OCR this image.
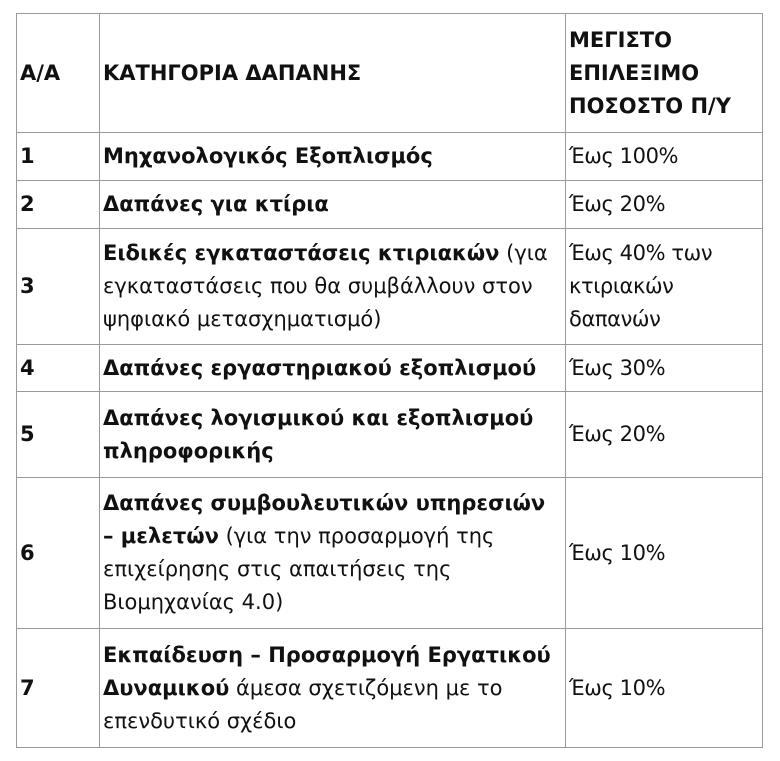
Α/Α	ΚΑΤΗΓΟΡΙΑ ΔΑΠΑΝΗΣ	ΜΕΓΙΣΤΟ ΕΠΙΛΕΞΙΜΟ ΠΟΣΟΣΤΟ Π/Υ
1	Μηχανολογικός Εξοπλισμός	Έως 100%
2	Δαπάνες για κτίρια	Έως 20%
3	Ειδικές εγκαταστάσεις κτιριακών (για εγκαταστάσεις που θα συμβάλλουν στον ψηφιακό μετασχηματισμό)	Έως 40% των κτιριακών δαπανών
4	Δαπάνες εργαστηριακού εξοπλισμού	Έως 30%
5	Δαπάνες λογισμικού και εξοπλισμού πληροφορικής	Έως 20%
6	Δαπάνες συμβουλευτικών υπηρεσιών – μελετών (για την προσαρμογή της επιχείρησης στις απαιτήσεις της Βιομηχανίας 4.0)	Έως 10%
7	Εκπαίδευση – Προσαρμογή Εργατικού Δυναμικού άμεσα σχετιζόμενη με το επενδυτικό σχέδιο	Έως 10%
